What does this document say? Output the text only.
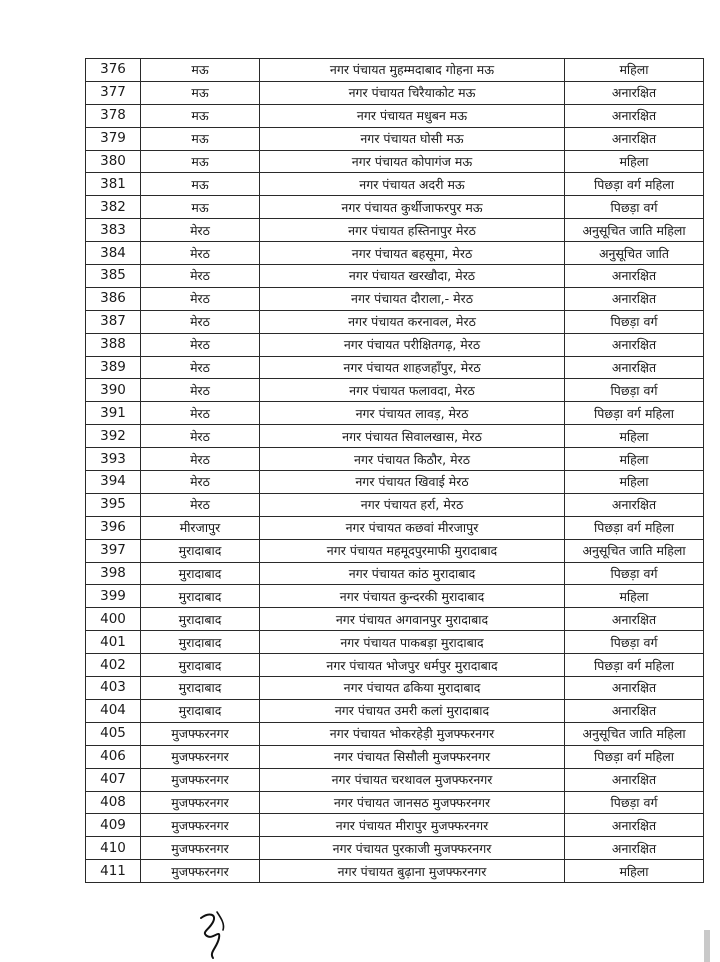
376	मऊ	नगर पंचायत मुहम्मदाबाद गोहना मऊ	महिला
377	मऊ	नगर पंचायत चिरैयाकोट मऊ	अनारक्षित
378	मऊ	नगर पंचायत मधुबन मऊ	अनारक्षित
379	मऊ	नगर पंचायत घोसी मऊ	अनारक्षित
380	मऊ	नगर पंचायत कोपागंज मऊ	महिला
381	मऊ	नगर पंचायत अदरी मऊ	पिछड़ा वर्ग महिला
382	मऊ	नगर पंचायत कुर्थीजाफरपुर मऊ	पिछड़ा वर्ग
383	मेरठ	नगर पंचायत हस्तिनापुर मेरठ	अनुसूचित जाति महिला
384	मेरठ	नगर पंचायत बहसूमा, मेरठ	अनुसूचित जाति
385	मेरठ	नगर पंचायत खरखौदा, मेरठ	अनारक्षित
386	मेरठ	नगर पंचायत दौराला,- मेरठ	अनारक्षित
387	मेरठ	नगर पंचायत करनावल, मेरठ	पिछड़ा वर्ग
388	मेरठ	नगर पंचायत परीक्षितगढ़, मेरठ	अनारक्षित
389	मेरठ	नगर पंचायत शाहजहाँपुर, मेरठ	अनारक्षित
390	मेरठ	नगर पंचायत फलावदा, मेरठ	पिछड़ा वर्ग
391	मेरठ	नगर पंचायत लावड़, मेरठ	पिछड़ा वर्ग महिला
392	मेरठ	नगर पंचायत सिवालखास, मेरठ	महिला
393	मेरठ	नगर पंचायत किठौर, मेरठ	महिला
394	मेरठ	नगर पंचायत खिवाई मेरठ	महिला
395	मेरठ	नगर पंचायत हर्रा, मेरठ	अनारक्षित
396	मीरजापुर	नगर पंचायत कछवां मीरजापुर	पिछड़ा वर्ग महिला
397	मुरादाबाद	नगर पंचायत महमूदपुरमाफी मुरादाबाद	अनुसूचित जाति महिला
398	मुरादाबाद	नगर पंचायत कांठ मुरादाबाद	पिछड़ा वर्ग
399	मुरादाबाद	नगर पंचायत कुन्दरकी मुरादाबाद	महिला
400	मुरादाबाद	नगर पंचायत अगवानपुर मुरादाबाद	अनारक्षित
401	मुरादाबाद	नगर पंचायत पाकबड़ा मुरादाबाद	पिछड़ा वर्ग
402	मुरादाबाद	नगर पंचायत भोजपुर धर्मपुर मुरादाबाद	पिछड़ा वर्ग महिला
403	मुरादाबाद	नगर पंचायत ढकिया मुरादाबाद	अनारक्षित
404	मुरादाबाद	नगर पंचायत उमरी कलां मुरादाबाद	अनारक्षित
405	मुजफ्फरनगर	नगर पंचायत भोकरहेड़ी मुजफ्फरनगर	अनुसूचित जाति महिला
406	मुजफ्फरनगर	नगर पंचायत सिसौली मुजफ्फरनगर	पिछड़ा वर्ग महिला
407	मुजफ्फरनगर	नगर पंचायत चरथावल मुजफ्फरनगर	अनारक्षित
408	मुजफ्फरनगर	नगर पंचायत जानसठ मुजफ्फरनगर	पिछड़ा वर्ग
409	मुजफ्फरनगर	नगर पंचायत मीरापुर मुजफ्फरनगर	अनारक्षित
410	मुजफ्फरनगर	नगर पंचायत पुरकाजी मुजफ्फरनगर	अनारक्षित
411	मुजफ्फरनगर	नगर पंचायत बुढ़ाना मुजफ्फरनगर	महिला
